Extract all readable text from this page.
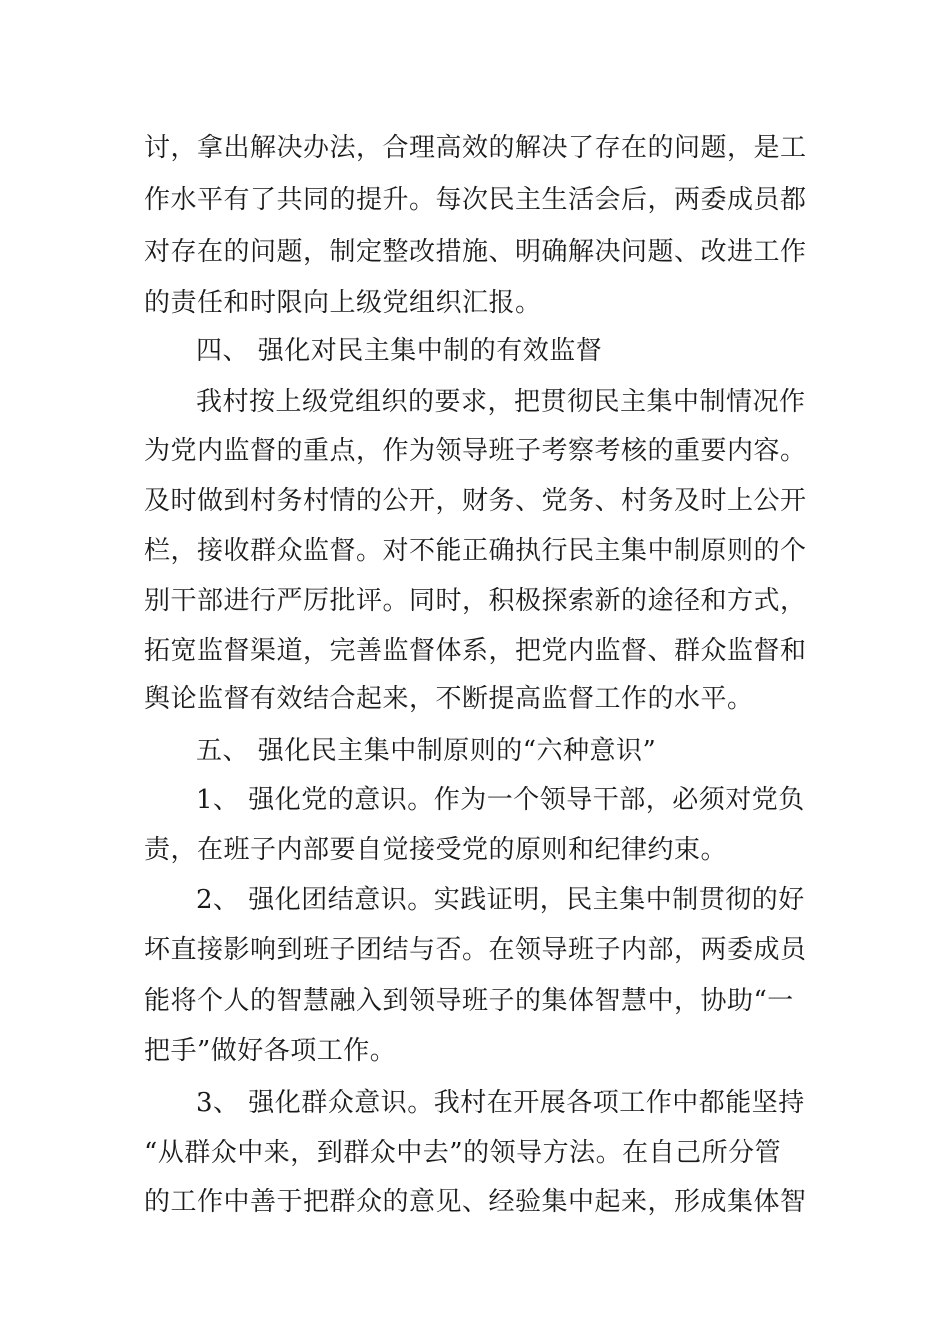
讨，拿出解决办法，合理高效的解决了存在的问题，是工
作水平有了共同的提升。每次民主生活会后，两委成员都
对存在的问题，制定整改措施、明确解决问题、改进工作
的责任和时限向上级党组织汇报。
四、 强化对民主集中制的有效监督
我村按上级党组织的要求，把贯彻民主集中制情况作
为党内监督的重点，作为领导班子考察考核的重要内容。
及时做到村务村情的公开，财务、党务、村务及时上公开
栏，接收群众监督。对不能正确执行民主集中制原则的个
别干部进行严厉批评。同时，积极探索新的途径和方式，
拓宽监督渠道，完善监督体系，把党内监督、群众监督和
舆论监督有效结合起来，不断提高监督工作的水平。
五、 强化民主集中制原则的“六种意识”
1、 强化党的意识。作为一个领导干部，必须对党负
责，在班子内部要自觉接受党的原则和纪律约束。
2、 强化团结意识。实践证明，民主集中制贯彻的好
坏直接影响到班子团结与否。在领导班子内部，两委成员
能将个人的智慧融入到领导班子的集体智慧中，协助“一
把手”做好各项工作。
3、 强化群众意识。我村在开展各项工作中都能坚持
“从群众中来，到群众中去”的领导方法。在自己所分管
的工作中善于把群众的意见、经验集中起来，形成集体智
